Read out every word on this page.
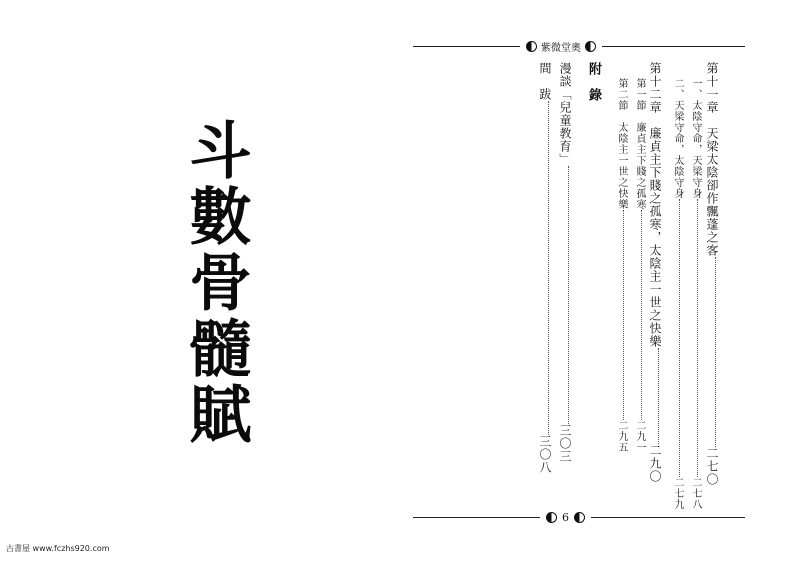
斗數骨髓賦
紫微堂奧
第十一章　天梁太陰卻作飄蓬之客二七〇
一、太陰守命，天梁守身二七八
二、天梁守命，太陰守身二七九
第十二章　廉貞主下賤之孤寒，太陰主一世之快樂二九〇
第一節　廉貞主下賤之孤寒二九一
第二節　太陰主一世之快樂二九五
附　錄
漫談「兒童教育」三〇三
間　跋三〇八
6
古書屋 www.fczhs920.com
